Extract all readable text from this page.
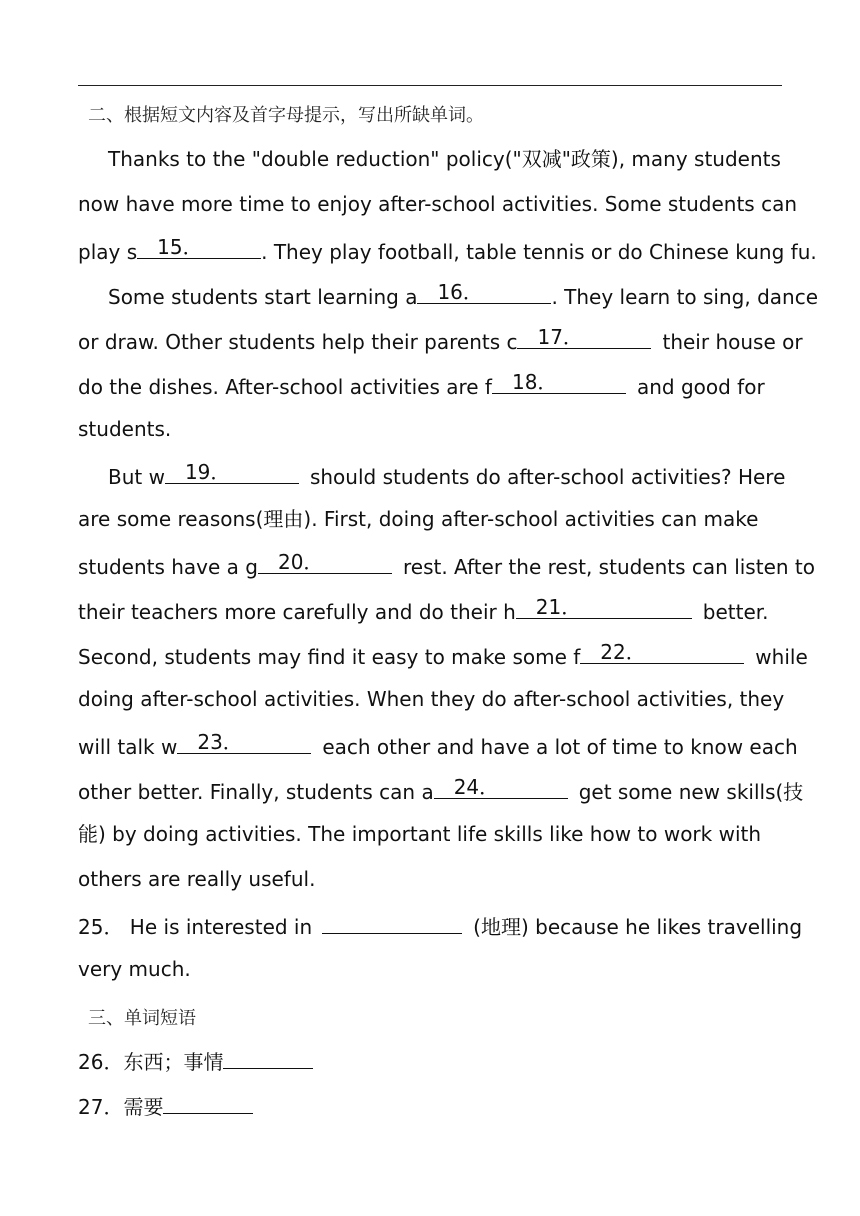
二、根据短文内容及首字母提示，写出所缺单词。
Thanks to the "double reduction" policy("双减"政策), many students
now have more time to enjoy after-school activities. Some students can
play s 15．	. They play football, table tennis or do Chinese kung fu.
Some students start learning a 16．	. They learn to sing, dance
or draw. Other students help their parents c 17．	their house or
do the dishes. After-school activities are f 18．	and good for
students.
But w 19．	should students do after-school activities? Here
are some reasons(理由). First, doing after-school activities can make
students have a g 20．	rest. After the rest, students can listen to
their teachers more carefully and do their h 21．	better.
Second, students may find it easy to make some f 22．	while
doing after-school activities. When they do after-school activities, they
will talk w 23．	each other and have a lot of time to know each
other better. Finally, students can a 24．	get some new skills(技
能) by doing activities. The important life skills like how to work with
others are really useful.
25． He is interested in	(地理) because he likes travelling
very much.
三、单词短语
26．东西；事情
27．需要
